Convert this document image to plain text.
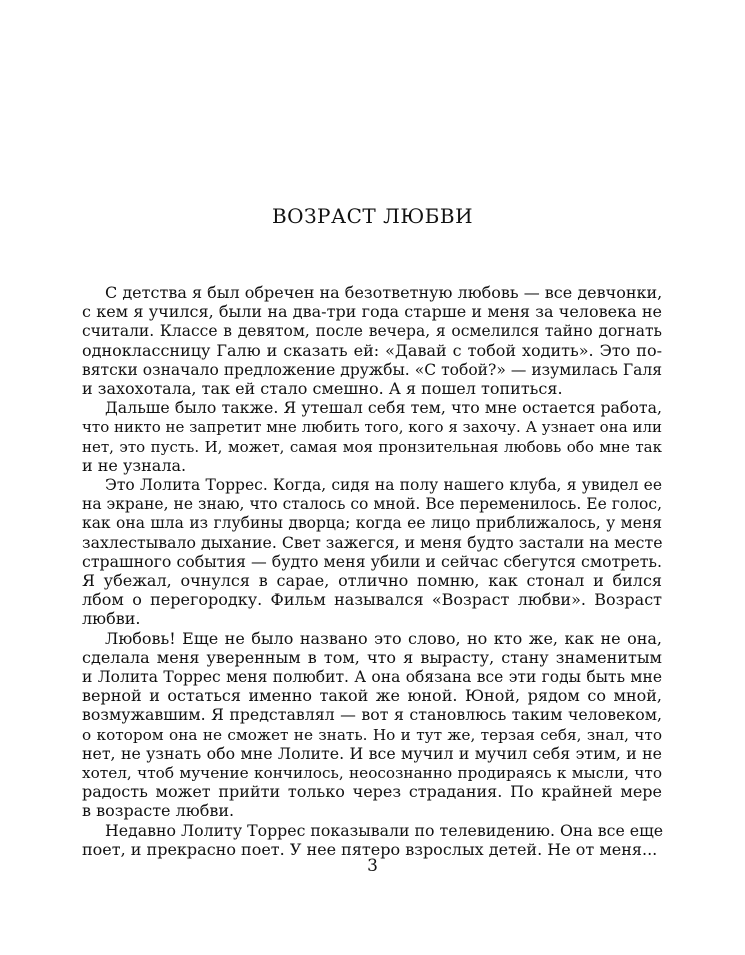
ВОЗРАСТ ЛЮБВИ
С детства я был обречен на безответную любовь — все девчонки,
с кем я учился, были на два-три года старше и меня за человека не
считали. Классе в девятом, после вечера, я осмелился тайно догнать
одноклассницу Галю и сказать ей: «Давай с тобой ходить». Это по-
вятски означало предложение дружбы. «С тобой?» — изумилась Галя
и захохотала, так ей стало смешно. А я пошел топиться.
Дальше было также. Я утешал себя тем, что мне остается работа,
что никто не запретит мне любить того, кого я захочу. А узнает она или
нет, это пусть. И, может, самая моя пронзительная любовь обо мне так
и не узнала.
Это Лолита Торрес. Когда, сидя на полу нашего клуба, я увидел ее
на экране, не знаю, что сталось со мной. Все переменилось. Ее голос,
как она шла из глубины дворца; когда ее лицо приближалось, у меня
захлестывало дыхание. Свет зажегся, и меня будто застали на месте
страшного события — будто меня убили и сейчас сбегутся смотреть.
Я убежал, очнулся в сарае, отлично помню, как стонал и бился
лбом о перегородку. Фильм назывался «Возраст любви». Возраст
любви.
Любовь! Еще не было названо это слово, но кто же, как не она,
сделала меня уверенным в том, что я вырасту, стану знаменитым
и Лолита Торрес меня полюбит. А она обязана все эти годы быть мне
верной и остаться именно такой же юной. Юной, рядом со мной,
возмужавшим. Я представлял — вот я становлюсь таким человеком,
о котором она не сможет не знать. Но и тут же, терзая себя, знал, что
нет, не узнать обо мне Лолите. И все мучил и мучил себя этим, и не
хотел, чтоб мучение кончилось, неосознанно продираясь к мысли, что
радость может прийти только через страдания. По крайней мере
в возрасте любви.
Недавно Лолиту Торрес показывали по телевидению. Она все еще
поет, и прекрасно поет. У нее пятеро взрослых детей. Не от меня...
3
